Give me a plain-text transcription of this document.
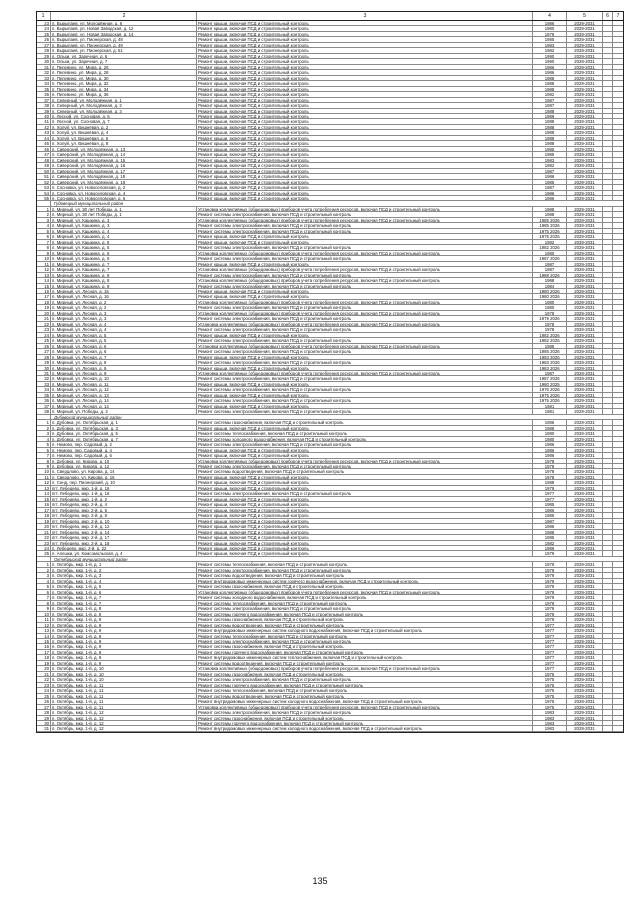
1	2	3	4	5	6	7
23 п. Вырыпаев, ул. Молодёжная, д. 6	Ремонт крыши, включая ПСД и строительный контроль	1986	2029-2031
24 п. Вырыпаев, ул. Новая Заводская, д. 12	Ремонт крыши, включая ПСД и строительный контроль	1980	2029-2031
25 п. Вырыпаев, ул. Новая Заводская, д. 14	Ремонт крыши, включая ПСД и строительный контроль	1979	2029-2031
26 п. Вырыпаев, ул. Пионерская, д. 48	Ремонт крыши, включая ПСД и строительный контроль	1985	2029-2031
27 п. Вырыпаев, ул. Пионерская, д. 49	Ремонт крыши, включая ПСД и строительный контроль	1983	2029-2031
28 п. Вырыпаев, ул. Пионерская, д. 51	Ремонт крыши, включая ПСД и строительный контроль	1982	2029-2031
29 п. Ольхи, ул. Заречная, д. 6	Ремонт крыши, включая ПСД и строительный контроль	1990	2029-2031
30 п. Ольхи, ул. Заречная, д. 7	Ремонт крыши, включая ПСД и строительный контроль	1990	2029-2031
31 п. Пелевино, ул. Мира, д. 26	Ремонт крыши, включая ПСД и строительный контроль	1986	2029-2031
32 п. Пелевино, ул. Мира, д. 28	Ремонт крыши, включая ПСД и строительный контроль	1986	2029-2031
33 п. Пелевино, ул. Мира, д. 30	Ремонт крыши, включая ПСД и строительный контроль	1988	2029-2031
34 п. Пелевино, ул. Мира, д. 32	Ремонт крыши, включая ПСД и строительный контроль	1988	2029-2031
35 п. Пелевино, ул. Мира, д. 34	Ремонт крыши, включая ПСД и строительный контроль	1988	2029-2031
36 п. Пелевино, ул. Мира, д. 36	Ремонт крыши, включая ПСД и строительный контроль	1982	2029-2031
37 п. Северный, ул. Молодёжная, д. 1	Ремонт крыши, включая ПСД и строительный контроль	1987	2029-2031
38 п. Северный, ул. Молодёжная, д. 2	Ремонт крыши, включая ПСД и строительный контроль	1987	2029-2031
39 п. Северный, ул. Молодёжная, д. 3	Ремонт крыши, включая ПСД и строительный контроль	1988	2029-2031
40 п. Лесной, ул. Сосновая, д. 5	Ремонт крыши, включая ПСД и строительный контроль	1989	2029-2031
41 п. Лесной, ул. Сосновая, д. 7	Ремонт крыши, включая ПСД и строительный контроль	1989	2029-2031
42 п. Холуй, ул. Вишнёвая, д. 2	Ремонт крыши, включая ПСД и строительный контроль	1988	2029-2031
43 п. Холуй, ул. Вишнёвая, д. 4	Ремонт крыши, включая ПСД и строительный контроль	1988	2029-2031
44 п. Холуй, ул. Вишнёвая, д. 6	Ремонт крыши, включая ПСД и строительный контроль	1988	2029-2031
45 п. Холуй, ул. Вишнёвая, д. 8	Ремонт крыши, включая ПСД и строительный контроль	1988	2029-2031
46 п. Сиверский, ул. Молодёжная, д. 13	Ремонт крыши, включая ПСД и строительный контроль	1985	2029-2031
47 п. Сиверский, ул. Молодёжная, д. 14	Ремонт крыши, включая ПСД и строительный контроль	1985	2029-2031
48 п. Сиверский, ул. Молодёжная, д. 15	Ремонт крыши, включая ПСД и строительный контроль	1983	2029-2031
49 п. Сиверский, ул. Молодёжная, д. 16	Ремонт крыши, включая ПСД и строительный контроль	1982	2029-2031
50 п. Сиверский, ул. Молодёжная, д. 17	Ремонт крыши, включая ПСД и строительный контроль	1987	2029-2031
51 п. Сиверский, ул. Молодёжная, д. 18	Ремонт крыши, включая ПСД и строительный контроль	1986	2029-2031
52 п. Сиверский, ул. Молодёжная, д. 19	Ремонт крыши, включая ПСД и строительный контроль	1985	2029-2031
53 п. Сосновка, ул. Новоселовская, д. 2	Ремонт крыши, включая ПСД и строительный контроль	1987	2029-2031
54 п. Сосновка, ул. Новоселовская, д. 4	Ремонт крыши, включая ПСД и строительный контроль	1986	2029-2031
55 п. Сосновка, ул. Новоселовская, д. 6	Ремонт крыши, включая ПСД и строительный контроль	1986	2029-2031
Гудовецкий муниципальный район
1 п. Мирный, ул. 30 лет Победы, д. 1	Установка коллективных (общедомовых) приборов учета потребления ресурсов, включая ПСД и строительный контроль	1988	2029-2031
2 п. Мирный, ул. 30 лет Победы, д. 1	Ремонт системы электроснабжения, включая ПСД и строительный контроль	1988	2029-2031
3 п. Мирный, ул. Кашкина, д. 3	Установка коллективных (общедомовых) приборов учета потребления ресурсов, включая ПСД и строительный контроль	1985 2026	2029-2031
4 п. Мирный, ул. Кашкина, д. 3	Ремонт системы электроснабжения, включая ПСД и строительный контроль	1985 2026	2029-2031
5 п. Мирный, ул. Кашкина, д. 4	Ремонт системы электроснабжения, включая ПСД и строительный контроль	1975 2026	2029-2031
6 п. Мирный, ул. Кашкина, д. 4	Ремонт крыши, включая ПСД и строительный контроль	1975 2026	2029-2031
7 п. Мирный, ул. Кашкина, д. 5	Ремонт крыши, включая ПСД и строительный контроль	1982	2029-2031
8 п. Мирный, ул. Кашкина, д. 5	Ремонт системы электроснабжения, включая ПСД и строительный контроль	1982 2026	2029-2031
9 п. Мирный, ул. Кашкина, д. 6	Установка коллективных (общедомовых) приборов учета потребления ресурсов, включая ПСД и строительный контроль	1980	2029-2031
10 п. Мирный, ул. Кашкина, д. 6	Ремонт системы электроснабжения, включая ПСД и строительный контроль	1987 2026	2029-2031
11 п. Мирный, ул. Кашкина, д. 7	Ремонт крыши, включая ПСД и строительный контроль	1987	2029-2031
12 п. Мирный, ул. Кашкина, д. 7	Установка коллективных (общедомовых) приборов учета потребления ресурсов, включая ПСД и строительный контроль	1987	2029-2031
13 п. Мирный, ул. Кашкина, д. 8	Ремонт системы электроснабжения, включая ПСД и строительный контроль	1988 2026	2029-2031
14 п. Мирный, ул. Кашкина, д. 8	Установка коллективных (общедомовых) приборов учета потребления ресурсов, включая ПСД и строительный контроль	1988	2029-2031
15 п. Мирный, ул. Кашкина, д. 9	Ремонт системы электроснабжения, включая ПСД и строительный контроль	1984	2029-2031
16 п. Мирный, ул. Лесная, д. 15	Ремонт крыши, включая ПСД и строительный контроль	1980 2026	2029-2031
17 п. Мирный, ул. Лесная, д. 16	Ремонт крыши, включая ПСД и строительный контроль	1980 2026	2029-2031
18 п. Мирный, ул. Лесная, д. 2	Установка коллективных (общедомовых) приборов учета потребления ресурсов, включая ПСД и строительный контроль	1980	2029-2031
19 п. Мирный, ул. Лесная, д. 2	Ремонт системы электроснабжения, включая ПСД и строительный контроль	1980	2029-2031
20 п. Мирный, ул. Лесная, д. 3	Установка коллективных (общедомовых) приборов учета потребления ресурсов, включая ПСД и строительный контроль	1979	2029-2031
21 п. Мирный, ул. Лесная, д. 3	Ремонт системы электроснабжения, включая ПСД и строительный контроль	1979 2026	2029-2031
22 п. Мирный, ул. Лесная, д. 4	Установка коллективных (общедомовых) приборов учета потребления ресурсов, включая ПСД и строительный контроль	1978	2029-2031
23 п. Мирный, ул. Лесная, д. 4	Ремонт системы электроснабжения, включая ПСД и строительный контроль	1978	2029-2031
24 п. Мирный, ул. Лесная, д. 5	Ремонт крыши, включая ПСД и строительный контроль	1982 2026	2029-2031
25 п. Мирный, ул. Лесная, д. 5	Ремонт системы электроснабжения, включая ПСД и строительный контроль	1982 2026	2029-2031
26 п. Мирный, ул. Лесная, д. 6	Установка коллективных (общедомовых) приборов учета потребления ресурсов, включая ПСД и строительный контроль	1985	2029-2031
27 п. Мирный, ул. Лесная, д. 6	Ремонт системы электроснабжения, включая ПСД и строительный контроль	1985 2026	2029-2031
28 п. Мирный, ул. Лесная, д. 7	Ремонт крыши, включая ПСД и строительный контроль	1983 2026	2029-2031
29 п. Мирный, ул. Лесная, д. 8	Ремонт системы электроснабжения, включая ПСД и строительный контроль	1983 2026	2029-2031
30 п. Мирный, ул. Лесная, д. 9	Ремонт крыши, включая ПСД и строительный контроль	1983 2026	2029-2031
31 п. Мирный, ул. Лесная, д. 9	Установка коллективных (общедомовых) приборов учета потребления ресурсов, включая ПСД и строительный контроль	1987	2029-2031
32 п. Мирный, ул. Лесная, д. 10	Ремонт системы электроснабжения, включая ПСД и строительный контроль	1987 2026	2029-2031
33 п. Мирный, ул. Лесная, д. 11	Ремонт крыши, включая ПСД и строительный контроль	1980 2025	2029-2031
34 п. Мирный, ул. Лесная, д. 12	Ремонт системы электроснабжения, включая ПСД и строительный контроль	1976 2026	2029-2031
35 п. Мирный, ул. Лесная, д. 13	Ремонт крыши, включая ПСД и строительный контроль	1975 2026	2029-2031
36 п. Мирный, ул. Лесная, д. 14	Ремонт системы электроснабжения, включая ПСД и строительный контроль	1975 2026	2029-2031
37 п. Мирный, ул. Лесная, д. 14	Ремонт крыши, включая ПСД и строительный контроль	1981	2029-2031
38 п. Мирный, ул. Победы, д. 2	Ремонт системы электроснабжения, включая ПСД и строительный контроль	1981	2029-2031
Дубовский муниципальный район
1 п. Дубовка, ул. Октябрьская, д. 1	Ремонт системы газоснабжения, включая ПСД и строительный контроль	1986	2029-2031
2 п. Дубовка, ул. Октябрьская, д. 3	Ремонт крыши, включая ПСД и строительный контроль	1986	2029-2031
3 п. Дубовка, ул. Октябрьская, д. 5	Ремонт системы теплоснабжения, включая ПСД и строительный контроль	1980	2029-2031
4 п. Дубовка, ул. Октябрьская, д. 7	Ремонт системы холодного водоснабжения, включая ПСД и строительный контроль	1980	2029-2031
5 п. Немово, пер. Садовый, д. 2	Ремонт системы электроснабжения, включая ПСД и строительный контроль	1986	2029-2031
6 п. Немово, пер. Садовый, д. 4	Ремонт крыши, включая ПСД и строительный контроль	1986	2029-2031
7 п. Немово, пер. Садовый, д. 6	Ремонт крыши, включая ПСД и строительный контроль	1986	2029-2031
8 п. Дубовка, ул. Кирова, д. 10	Установка коллективных (общедомовых) приборов учета потребления ресурсов, включая ПСД и строительный контроль	1978	2029-2031
9 п. Дубовка, ул. Кирова, д. 12	Ремонт системы электроснабжения, включая ПСД и строительный контроль	1978	2029-2031
10 п. Свердлово, ул. Кирова, д. 14	Ремонт системы водоотведения, включая ПСД и строительный контроль	1978	2029-2031
11 п. Свердлово, ул. Кирова, д. 16	Ремонт крыши, включая ПСД и строительный контроль	1978	2029-2031
12 п. Сенд, пер. Пионерский, д. 10	Ремонт крыши, включая ПСД и строительный контроль	1988	2029-2031
13 пгт. Лебедево, мкр. 1-й, д. 16	Ремонт крыши, включая ПСД и строительный контроль	1979	2029-2031
14 пгт. Лебедево, мкр. 1-й, д. 16	Ремонт системы электроснабжения, включая ПСД и строительный контроль	1977	2029-2031
15 пгт. Лебедево, мкр. 1-й, д. 2	Ремонт крыши, включая ПСД и строительный контроль	1977	2029-2031
16 пгт. Лебедево, мкр. 2-й, д. 4	Ремонт крыши, включая ПСД и строительный контроль	1985	2029-2031
17 пгт. Лебедево, мкр. 2-й, д. 6	Ремонт крыши, включая ПСД и строительный контроль	1986	2029-2031
18 пгт. Лебедево, мкр. 2-й, д. 8	Ремонт крыши, включая ПСД и строительный контроль	1986	2029-2031
19 пгт. Лебедево, мкр. 2-й, д. 10	Ремонт крыши, включая ПСД и строительный контроль	1987	2029-2031
20 пгт. Лебедево, мкр. 2-й, д. 12	Ремонт крыши, включая ПСД и строительный контроль	1986	2029-2031
21 пгт. Лебедево, мкр. 2-й, д. 14	Ремонт крыши, включая ПСД и строительный контроль	1986	2029-2031
22 пгт. Лебедево, мкр. 2-й, д. 17	Ремонт крыши, включая ПСД и строительный контроль	1985	2029-2031
23 пгт. Лебедево, мкр. 2-й, д. 18	Ремонт крыши, включая ПСД и строительный контроль	1982	2029-2031
24 п. Лебедево, мкр. 2-й, д. 22	Ремонт крыши, включая ПСД и строительный контроль	1989	2029-2031
25 п. Алешки, ул. Комсомольская, д. 4	Ремонт крыши, включая ПСД и строительный контроль	1979	2029-2031
Октябрьский муниципальный район
1 п. Октябрь, мкр. 1-й, д. 1	Ремонт системы теплоснабжения, включая ПСД и строительный контроль	1979	2029-2031
2 п. Октябрь, мкр. 1-й, д. 2	Ремонт системы электроснабжения, включая ПСД и строительный контроль	1979	2029-2031
3 п. Октябрь, мкр. 1-й, д. 3	Ремонт системы водоотведения, включая ПСД и строительный контроль	1979	2029-2031
4 п. Октябрь, мкр. 1-й, д. 4	Ремонт внутридомовых инженерных систем горячего водоснабжения, включая ПСД и строительный контроль	1979	2029-2031
5 п. Октябрь, мкр. 1-й, д. 5	Ремонт системы газоснабжения, включая ПСД и строительный контроль	1979	2029-2031
6 п. Октябрь, мкр. 1-й, д. 6	Установка коллективных (общедомовых) приборов учета потребления ресурсов, включая ПСД и строительный контроль	1979	2029-2031
7 п. Октябрь, мкр. 1-й, д. 7	Ремонт системы холодного водоснабжения, включая ПСД и строительный контроль	1979	2029-2031
8 п. Октябрь, мкр. 1-й, д. 7	Ремонт системы теплоснабжения, включая ПСД и строительный контроль	1979	2029-2031
9 п. Октябрь, мкр. 1-й, д. 8	Ремонт системы электроснабжения, включая ПСД и строительный контроль	1979	2029-2031
10 п. Октябрь, мкр. 1-й, д. 8	Ремонт системы горячего водоснабжения, включая ПСД и строительный контроль	1979	2029-2031
11 п. Октябрь, мкр. 1-й, д. 9	Ремонт системы газоснабжения, включая ПСД и строительный контроль	1979	2029-2031
12 п. Октябрь, мкр. 1-й, д. 9	Ремонт системы водоотведения, включая ПСД и строительный контроль	1977	2029-2031
13 п. Октябрь, мкр. 1-й, д. 9	Ремонт внутридомовых инженерных систем холодного водоснабжения, включая ПСД и строительный контроль	1977	2029-2031
14 п. Октябрь, мкр. 1-й, д. 9	Ремонт системы теплоснабжения, включая ПСД и строительный контроль	1977	2029-2031
15 п. Октябрь, мкр. 1-й, д. 9	Ремонт системы электроснабжения, включая ПСД и строительный контроль	1977	2029-2031
16 п. Октябрь, мкр. 1-й, д. 9	Ремонт системы газоснабжения, включая ПСД и строительный контроль	1977	2029-2031
17 п. Октябрь, мкр. 1-й, д. 9	Ремонт системы горячего водоснабжения, включая ПСД и строительный контроль	1977	2029-2031
18 п. Октябрь, мкр. 1-й, д. 9	Ремонт внутридомовых инженерных систем теплоснабжения, включая ПСД и строительный контроль	1977	2029-2031
19 п. Октябрь, мкр. 1-й, д. 9	Ремонт системы водоотведения, включая ПСД и строительный контроль	1977	2029-2031
20 п. Октябрь, мкр. 1-й, д. 10	Установка коллективных (общедомовых) приборов учета потребления ресурсов, включая ПСД и строительный контроль	1977	2029-2031
21 п. Октябрь, мкр. 1-й, д. 10	Ремонт системы газоснабжения, включая ПСД и строительный контроль	1975	2029-2031
22 п. Октябрь, мкр. 1-й, д. 10	Ремонт системы электроснабжения, включая ПСД и строительный контроль	1975	2029-2031
23 п. Октябрь, мкр. 1-й, д. 11	Ремонт системы горячего водоснабжения, включая ПСД и строительный контроль	1975	2029-2031
24 п. Октябрь, мкр. 1-й, д. 11	Ремонт системы теплоснабжения, включая ПСД и строительный контроль	1975	2029-2031
25 п. Октябрь, мкр. 1-й, д. 11	Ремонт системы водоотведения, включая ПСД и строительный контроль	1975	2029-2031
26 п. Октябрь, мкр. 1-й, д. 11	Ремонт внутридомовых инженерных систем холодного водоснабжения, включая ПСД и строительный контроль	1975	2029-2031
27 п. Октябрь, мкр. 1-й, д. 11	Установка коллективных (общедомовых) приборов учета потребления ресурсов, включая ПСД и строительный контроль	1975	2029-2031
28 п. Октябрь, мкр. 1-й, д. 12	Ремонт системы электроснабжения, включая ПСД и строительный контроль	1983	2029-2031
29 п. Октябрь, мкр. 1-й, д. 12	Ремонт системы газоснабжения, включая ПСД и строительный контроль	1983	2029-2031
30 п. Октябрь, мкр. 1-й, д. 12	Ремонт системы горячего водоснабжения, включая ПСД и строительный контроль	1983	2029-2031
31 п. Октябрь, мкр. 1-й, д. 12	Ремонт внутридомовых инженерных систем холодного водоснабжения, включая ПСД и строительный контроль	1983	2029-2031
135
